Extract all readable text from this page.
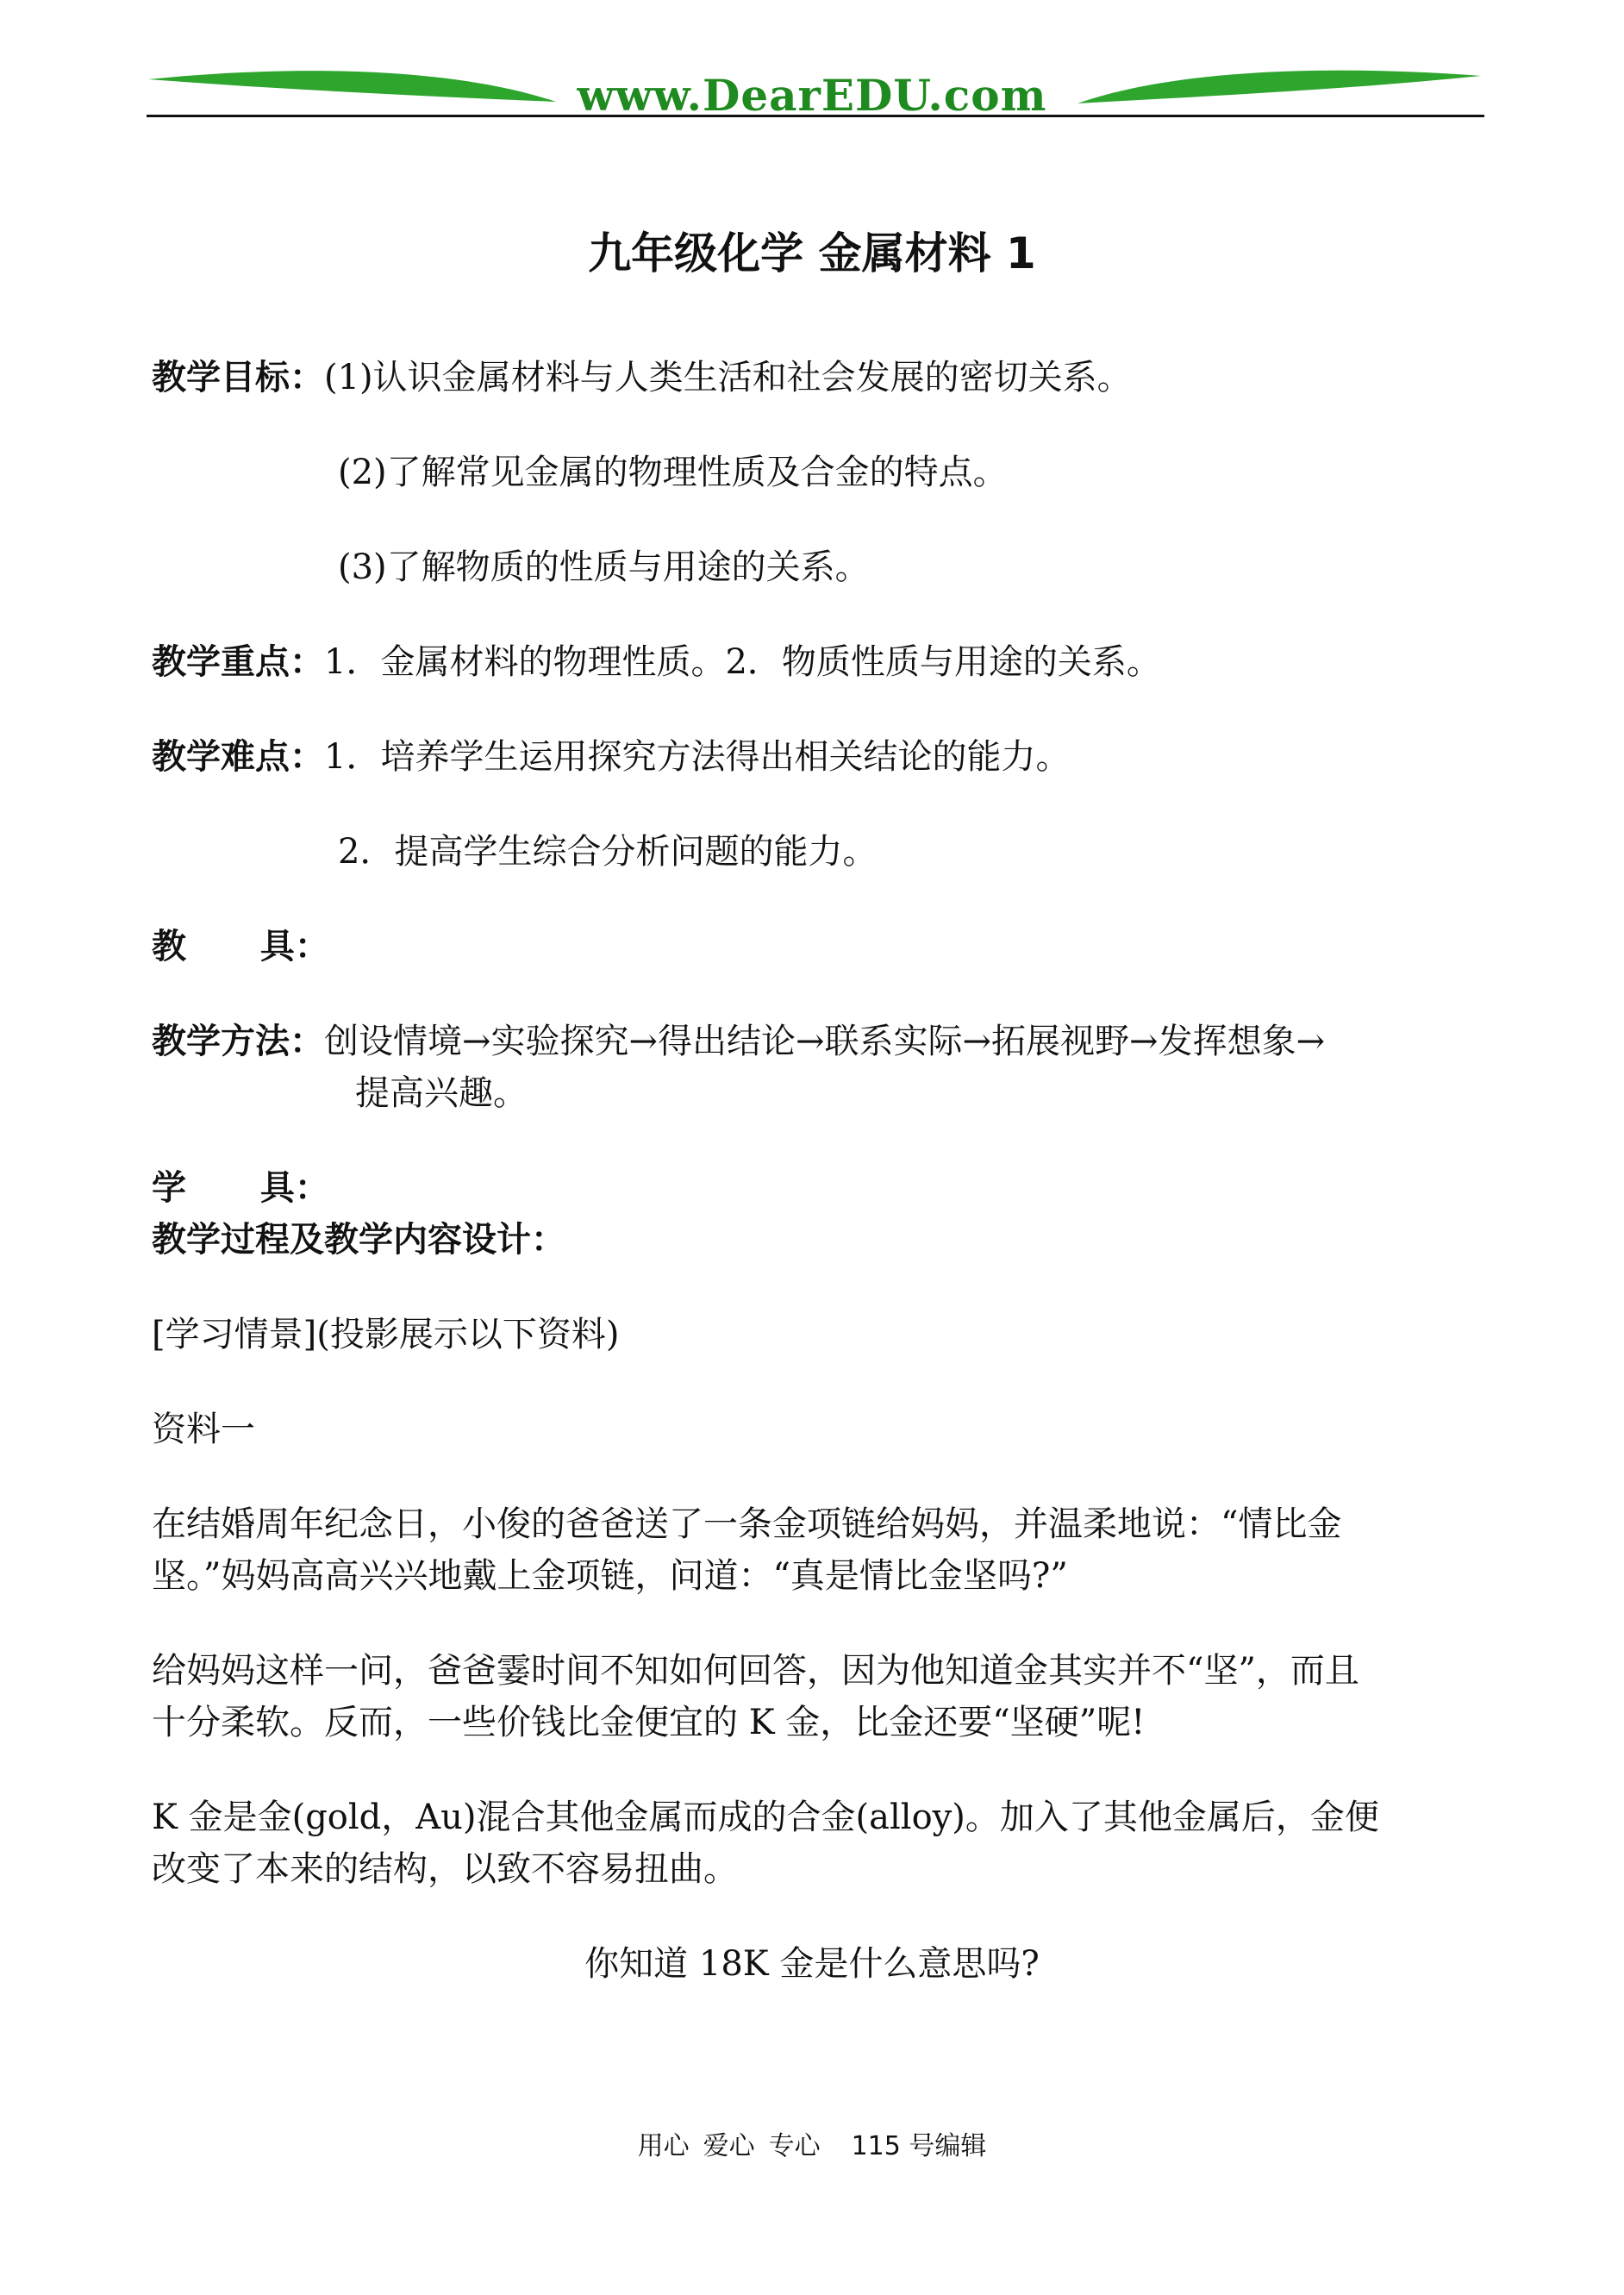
www.DearEDU.com
九年级化学 金属材料 1
教学目标：(1)认识金属材料与人类生活和社会发展的密切关系。
(2)了解常见金属的物理性质及合金的特点。
(3)了解物质的性质与用途的关系。
教学重点：1．金属材料的物理性质。2．物质性质与用途的关系。
教学难点：1．培养学生运用探究方法得出相关结论的能力。
2．提高学生综合分析问题的能力。
教 具：
教学方法：创设情境→实验探究→得出结论→联系实际→拓展视野→发挥想象→
提高兴趣。
学 具：
教学过程及教学内容设计：
[学习情景](投影展示以下资料)
资料一
在结婚周年纪念日，小俊的爸爸送了一条金项链给妈妈，并温柔地说：“情比金
坚。”妈妈高高兴兴地戴上金项链，问道：“真是情比金坚吗?”
给妈妈这样一问，爸爸霎时间不知如何回答，因为他知道金其实并不“坚”，而且
十分柔软。反而，一些价钱比金便宜的 K 金，比金还要“坚硬”呢!
K 金是金(gold，Au)混合其他金属而成的合金(alloy)。加入了其他金属后，金便
改变了本来的结构，以致不容易扭曲。
你知道 18K 金是什么意思吗?
用心 爱心 专心 115 号编辑
